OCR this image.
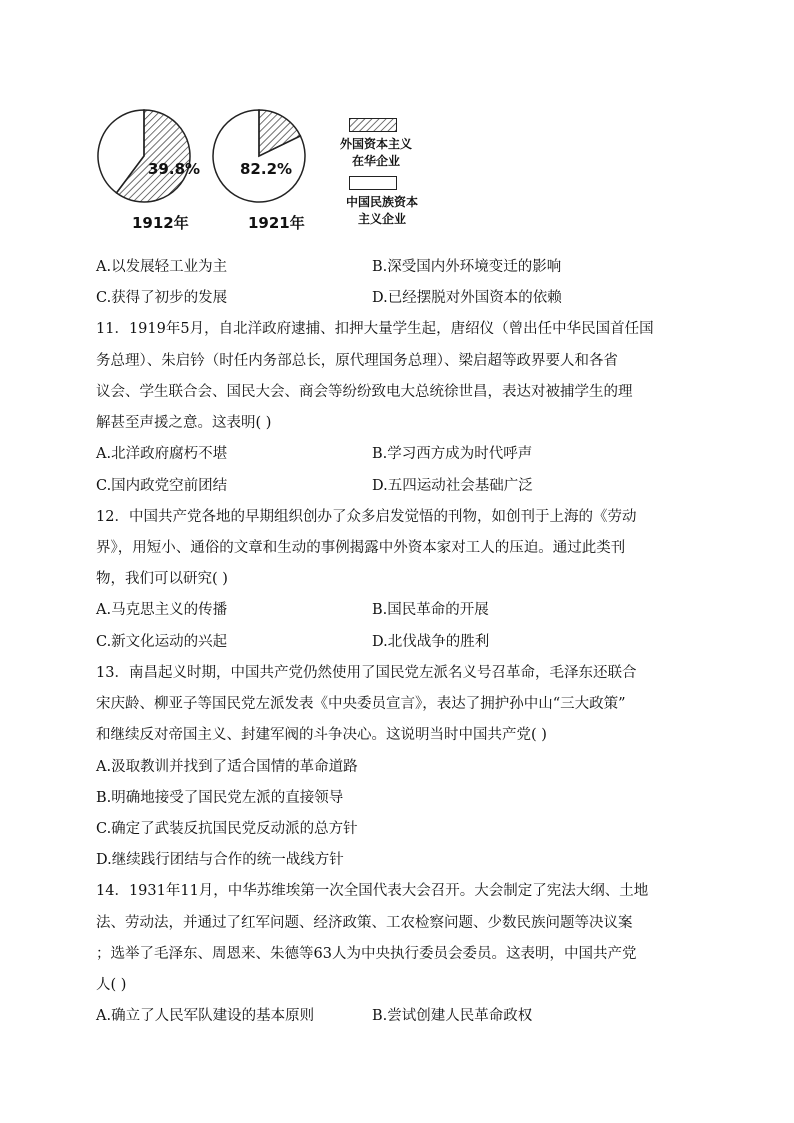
39.8%	82.2%
1912年	1921年
外国资本主义
在华企业
中国民族资本
主义企业
A.以发展轻工业为主	B.深受国内外环境变迁的影响
C.获得了初步的发展	D.已经摆脱对外国资本的依赖
11．1919年5月，自北洋政府逮捕、扣押大量学生起，唐绍仪（曾出任中华民国首任国
务总理）、朱启钤（时任内务部总长，原代理国务总理）、梁启超等政界要人和各省
议会、学生联合会、国民大会、商会等纷纷致电大总统徐世昌，表达对被捕学生的理
解甚至声援之意。这表明( )
A.北洋政府腐朽不堪	B.学习西方成为时代呼声
C.国内政党空前团结	D.五四运动社会基础广泛
12．中国共产党各地的早期组织创办了众多启发觉悟的刊物，如创刊于上海的《劳动
界》，用短小、通俗的文章和生动的事例揭露中外资本家对工人的压迫。通过此类刊
物，我们可以研究( )
A.马克思主义的传播	B.国民革命的开展
C.新文化运动的兴起	D.北伐战争的胜利
13．南昌起义时期，中国共产党仍然使用了国民党左派名义号召革命，毛泽东还联合
宋庆龄、柳亚子等国民党左派发表《中央委员宣言》，表达了拥护孙中山“三大政策”
和继续反对帝国主义、封建军阀的斗争决心。这说明当时中国共产党( )
A.汲取教训并找到了适合国情的革命道路
B.明确地接受了国民党左派的直接领导
C.确定了武装反抗国民党反动派的总方针
D.继续践行团结与合作的统一战线方针
14．1931年11月，中华苏维埃第一次全国代表大会召开。大会制定了宪法大纲、土地
法、劳动法，并通过了红军问题、经济政策、工农检察问题、少数民族问题等决议案
；选举了毛泽东、周恩来、朱德等63人为中央执行委员会委员。这表明，中国共产党
人( )
A.确立了人民军队建设的基本原则	B.尝试创建人民革命政权
